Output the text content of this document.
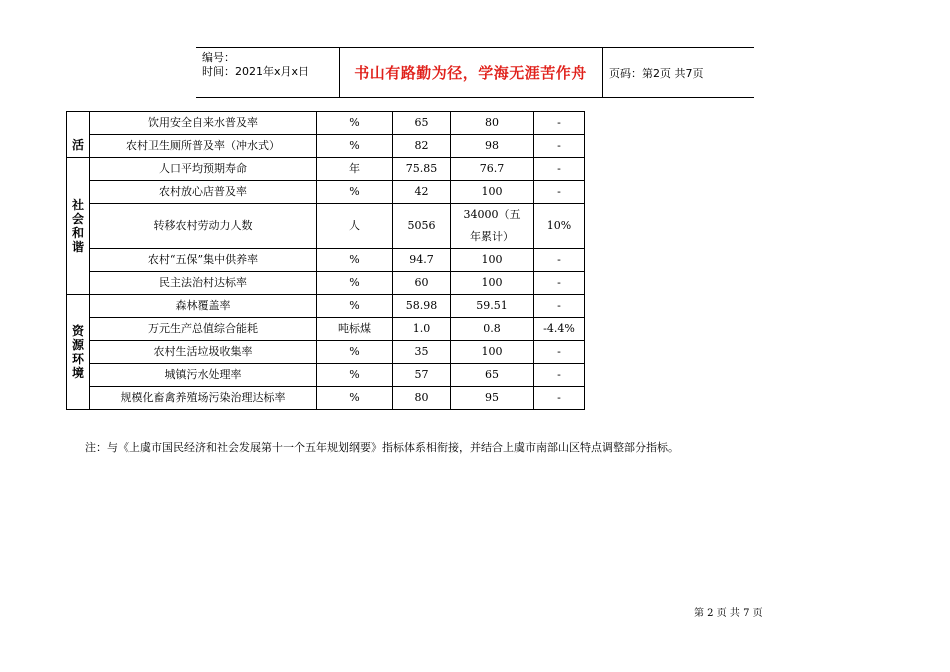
编号：
时间：2021年x月x日	书山有路勤为径，学海无涯苦作舟	页码：第2页 共7页
活	饮用安全自来水普及率	%	65	80	-
	农村卫生厕所普及率（冲水式）	%	82	98	-

社
会
和
谐	人口平均预期寿命	年	75.85	76.7	-
	农村放心店普及率	%	42	100	-
	转移农村劳动力人数	人	5056	34000（五年累计）	10%
	农村“五保”集中供养率	%	94.7	100	-
	民主法治村达标率	%	60	100	-

资
源
环
境	森林覆盖率	%	58.98	59.51	-
	万元生产总值综合能耗	吨标煤	1.0	0.8	-4.4%
	农村生活垃圾收集率	%	35	100	-
	城镇污水处理率	%	57	65	-
	规模化畜禽养殖场污染治理达标率	%	80	95	-
注：与《上虞市国民经济和社会发展第十一个五年规划纲要》指标体系相衔接，并结合上虞市南部山区特点调整部分指标。
第 2 页 共 7 页
